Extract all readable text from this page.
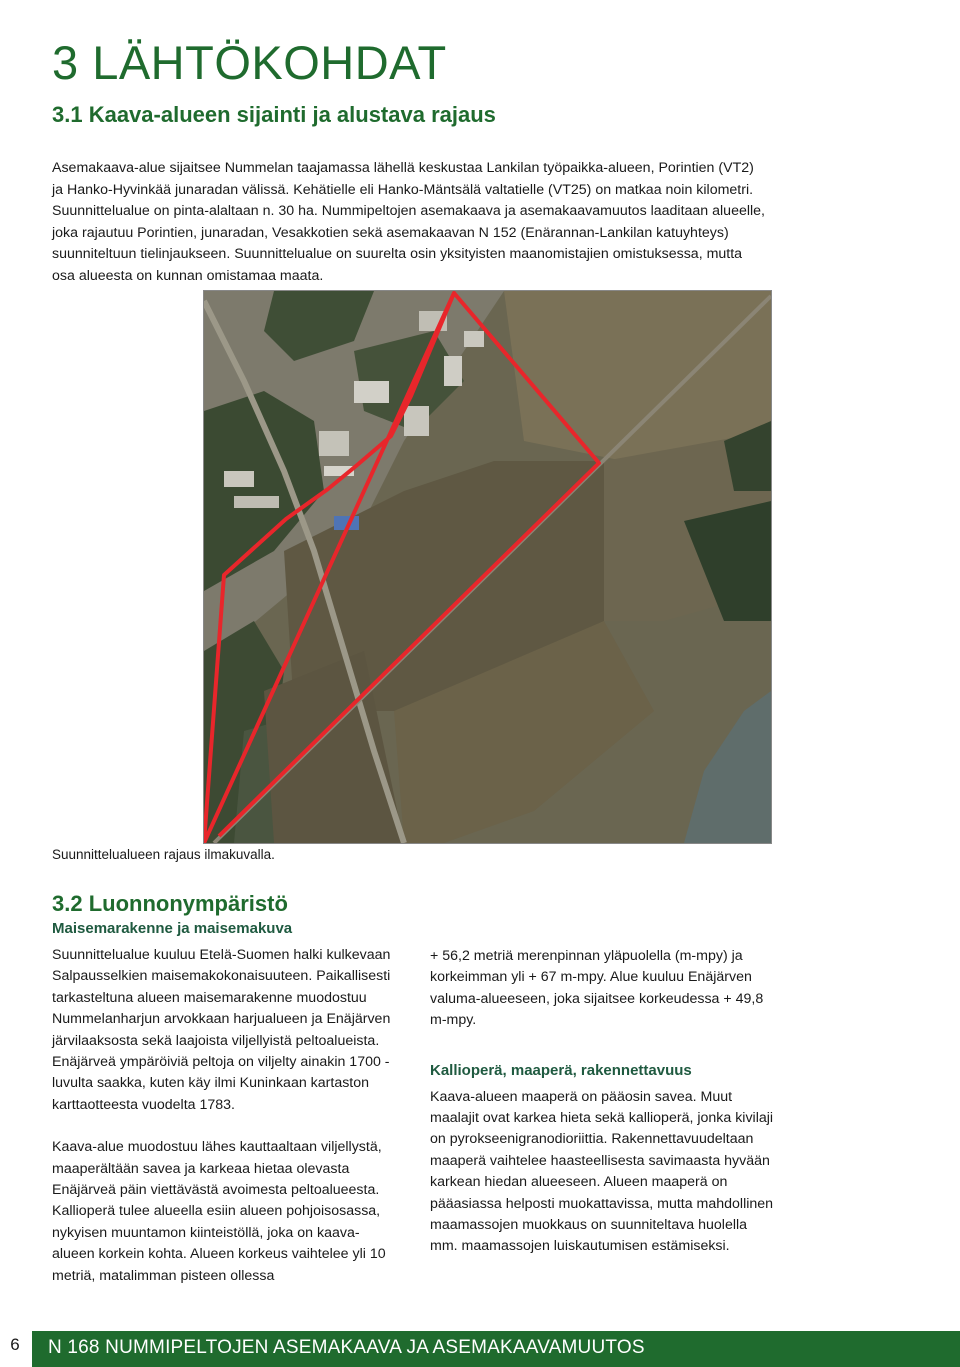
3 LÄHTÖKOHDAT
3.1 Kaava-alueen sijainti ja alustava rajaus

Asemakaava-alue sijaitsee Nummelan taajamassa lähellä keskustaa Lankilan työpaikka-alueen, Porintien (VT2) ja Hanko-Hyvinkää junaradan välissä. Kehätielle eli Hanko-Mäntsälä valtatielle (VT25) on matkaa noin kilometri. Suunnittelualue on pinta-alaltaan n. 30 ha. Nummipeltojen asemakaava ja asemakaavamuutos laaditaan alueelle, joka rajautuu Porintien, junaradan, Vesakkotien sekä asemakaavan N 152 (Enärannan-Lankilan katuyhteys) suunniteltuun tielinjaukseen. Suunnittelualue on suurelta osin yksityisten maanomistajien omistuksessa, mutta osa alueesta on kunnan omistamaa maata.

Suunnittelualueen rajaus ilmakuvalla.
3.2 Luonnonympäristö
Maisemarakenne ja maisemakuva

Suunnittelualue kuuluu Etelä-Suomen halki kulkevaan Salpausselkien maisemakokonaisuuteen. Paikallisesti tarkasteltuna alueen maisemarakenne muodostuu Nummelanharjun arvokkaan harjualueen ja Enäjärven järvilaaksosta sekä laajoista viljellyistä peltoalueista. Enäjärveä ympäröiviä peltoja on viljelty ainakin 1700 -luvulta saakka, kuten käy ilmi Kuninkaan kartaston karttaotteesta vuodelta 1783.

Kaava-alue muodostuu lähes kauttaaltaan viljellystä, maaperältään savea ja karkeaa hietaa olevasta Enäjärveä päin viettävästä avoimesta peltoalueesta. Kallioperä tulee alueella esiin alueen pohjoisosassa, nykyisen muuntamon kiinteistöllä, joka on kaava-alueen korkein kohta. Alueen korkeus vaihtelee yli 10 metriä, matalimman pisteen ollessa

+ 56,2 metriä merenpinnan yläpuolella (m-mpy) ja korkeimman yli + 67 m-mpy. Alue kuuluu Enäjärven valuma-alueeseen, joka sijaitsee korkeudessa + 49,8 m-mpy.

Kallioperä, maaperä, rakennettavuus

Kaava-alueen maaperä on pääosin savea. Muut maalajit ovat karkea hieta sekä kallioperä, jonka kivilaji on pyrokseenigranodioriittia. Rakennettavuudeltaan maaperä vaihtelee haasteellisesta savimaasta hyvään karkean hiedan alueeseen. Alueen maaperä on pääasiassa helposti muokattavissa, mutta mahdollinen maamassojen muokkaus on suunniteltava huolella mm. maamassojen luiskautumisen estämiseksi.

6	N 168 NUMMIPELTOJEN ASEMAKAAVA JA ASEMAKAAVAMUUTOS
